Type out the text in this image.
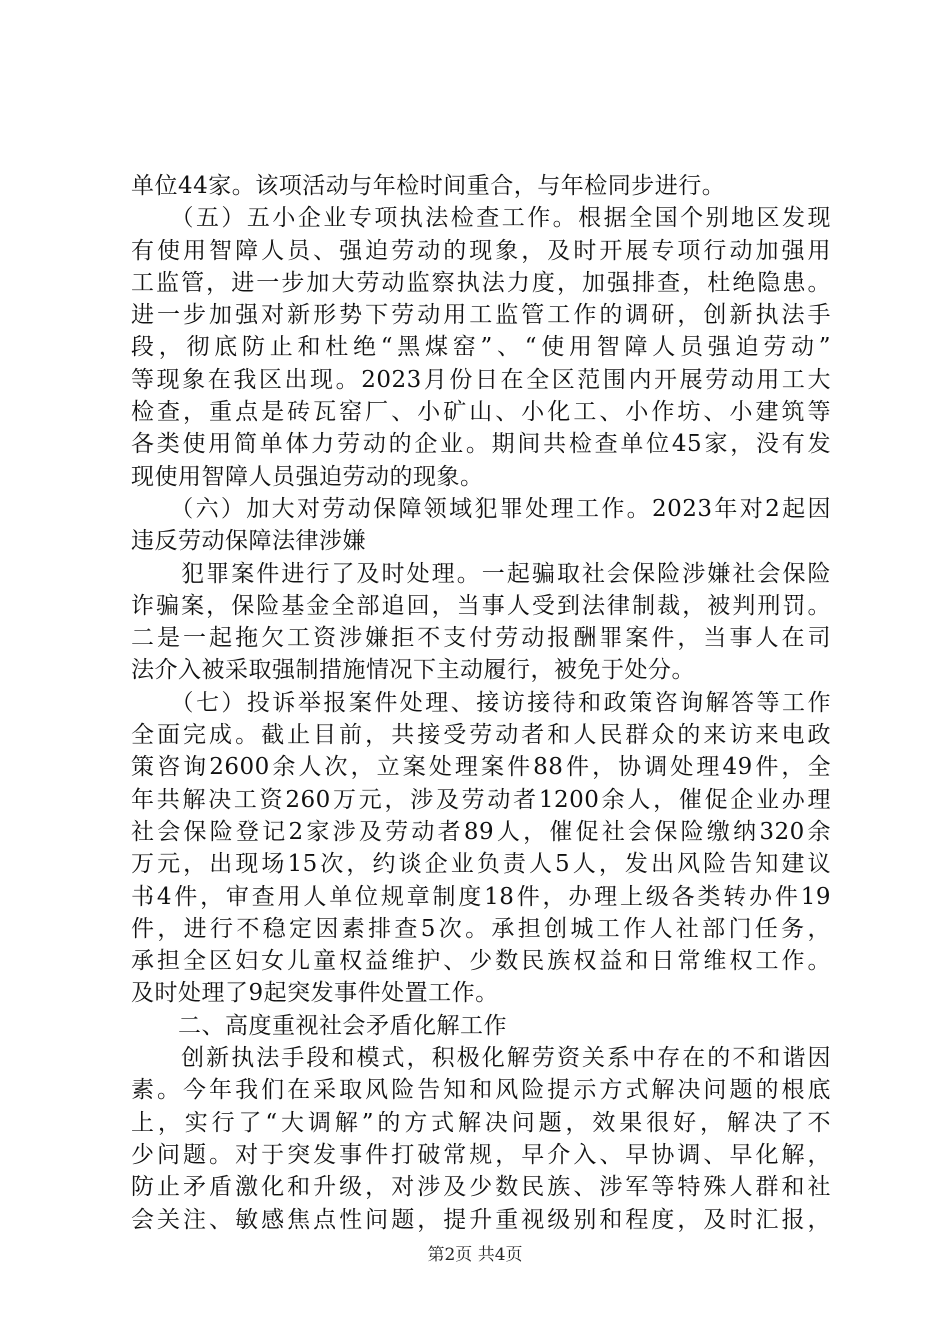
单位44家。该项活动与年检时间重合，与年检同步进行。
　　（五）五小企业专项执法检查工作。根据全国个别地区发现
有使用智障人员、强迫劳动的现象，及时开展专项行动加强用
工监管，进一步加大劳动监察执法力度，加强排查，杜绝隐患。
进一步加强对新形势下劳动用工监管工作的调研，创新执法手
段，彻底防止和杜绝“黑煤窑”、“使用智障人员强迫劳动”
等现象在我区出现。2023月份日在全区范围内开展劳动用工大
检查，重点是砖瓦窑厂、小矿山、小化工、小作坊、小建筑等
各类使用简单体力劳动的企业。期间共检查单位45家，没有发
现使用智障人员强迫劳动的现象。
　　（六）加大对劳动保障领域犯罪处理工作。2023年对2起因
违反劳动保障法律涉嫌
　　犯罪案件进行了及时处理。一起骗取社会保险涉嫌社会保险
诈骗案，保险基金全部追回，当事人受到法律制裁，被判刑罚。
二是一起拖欠工资涉嫌拒不支付劳动报酬罪案件，当事人在司
法介入被采取强制措施情况下主动履行，被免于处分。
　　（七）投诉举报案件处理、接访接待和政策咨询解答等工作
全面完成。截止目前，共接受劳动者和人民群众的来访来电政
策咨询2600余人次，立案处理案件88件，协调处理49件，全
年共解决工资260万元，涉及劳动者1200余人，催促企业办理
社会保险登记2家涉及劳动者89人，催促社会保险缴纳320余
万元，出现场15次，约谈企业负责人5人，发出风险告知建议
书4件，审查用人单位规章制度18件，办理上级各类转办件19
件，进行不稳定因素排查5次。承担创城工作人社部门任务，
承担全区妇女儿童权益维护、少数民族权益和日常维权工作。
及时处理了9起突发事件处置工作。
　　二、高度重视社会矛盾化解工作
　　创新执法手段和模式，积极化解劳资关系中存在的不和谐因
素。今年我们在采取风险告知和风险提示方式解决问题的根底
上，实行了“大调解”的方式解决问题，效果很好，解决了不
少问题。对于突发事件打破常规，早介入、早协调、早化解，
防止矛盾激化和升级，对涉及少数民族、涉军等特殊人群和社
会关注、敏感焦点性问题，提升重视级别和程度，及时汇报，
第2页 共4页
